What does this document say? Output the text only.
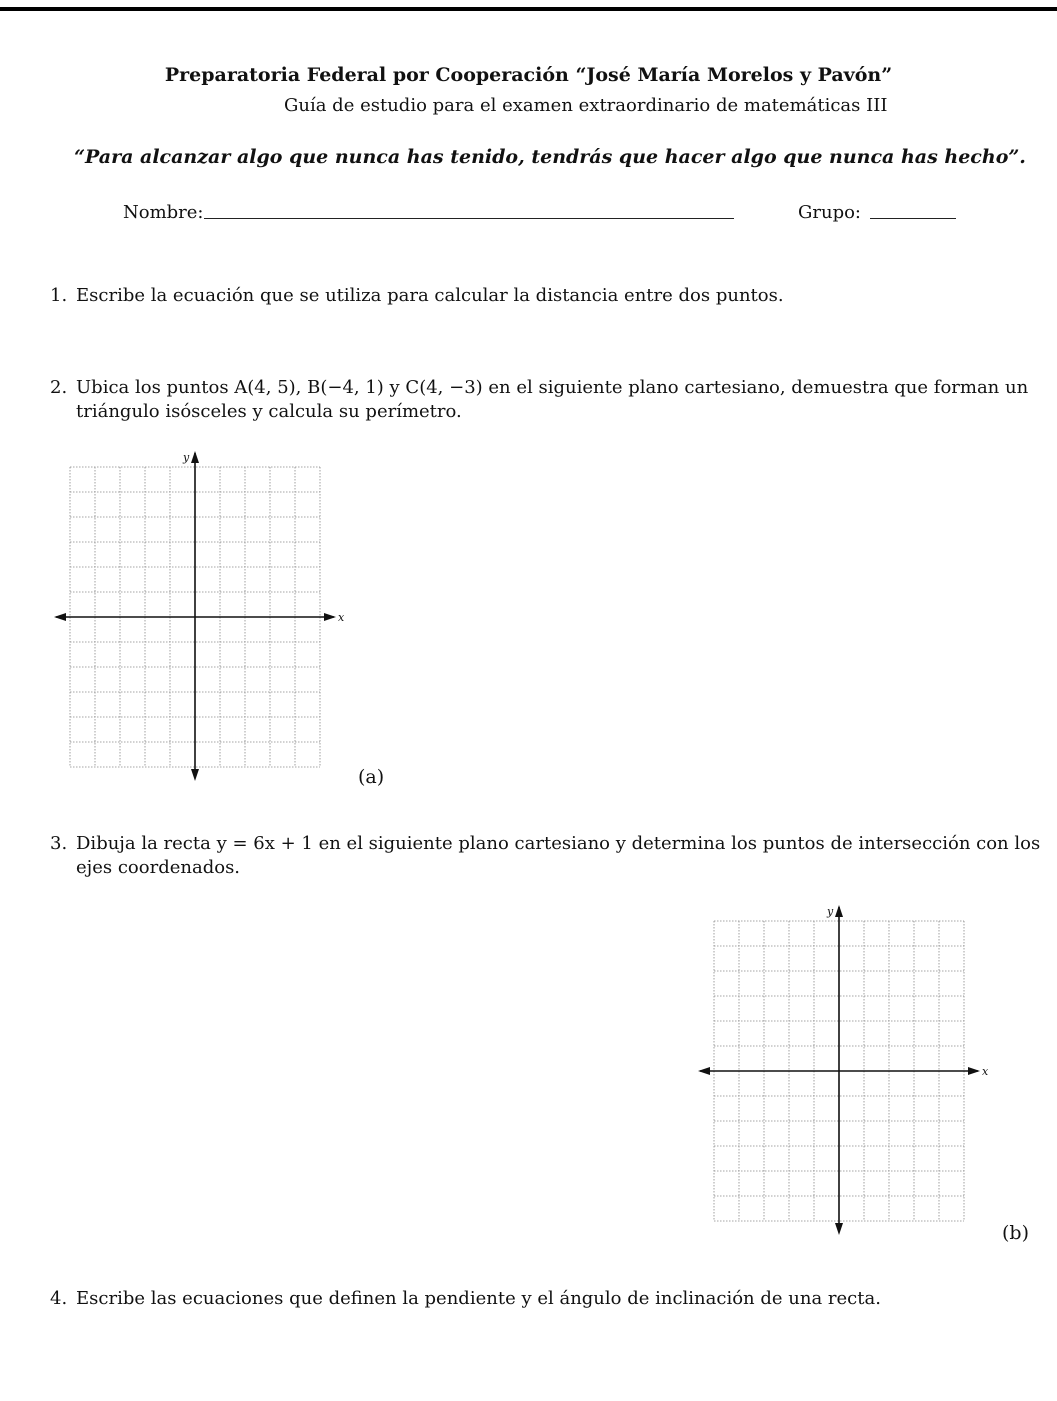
Preparatoria Federal por Cooperación “José María Morelos y Pavón”
Guía de estudio para el examen extraordinario de matemáticas III
“Para alcanzar algo que nunca has tenido, tendrás que hacer algo que nunca has hecho”.
Nombre:	Grupo:
1. Escribe la ecuación que se utiliza para calcular la distancia entre dos puntos.
2. Ubica los puntos A(4, 5), B(−4, 1) y C(4, −3) en el siguiente plano cartesiano, demuestra que forman un
triángulo isósceles y calcula su perímetro.
x
y
(a)
3. Dibuja la recta y = 6x + 1 en el siguiente plano cartesiano y determina los puntos de intersección con los
ejes coordenados.
x
y
(b)
4. Escribe las ecuaciones que definen la pendiente y el ángulo de inclinación de una recta.
